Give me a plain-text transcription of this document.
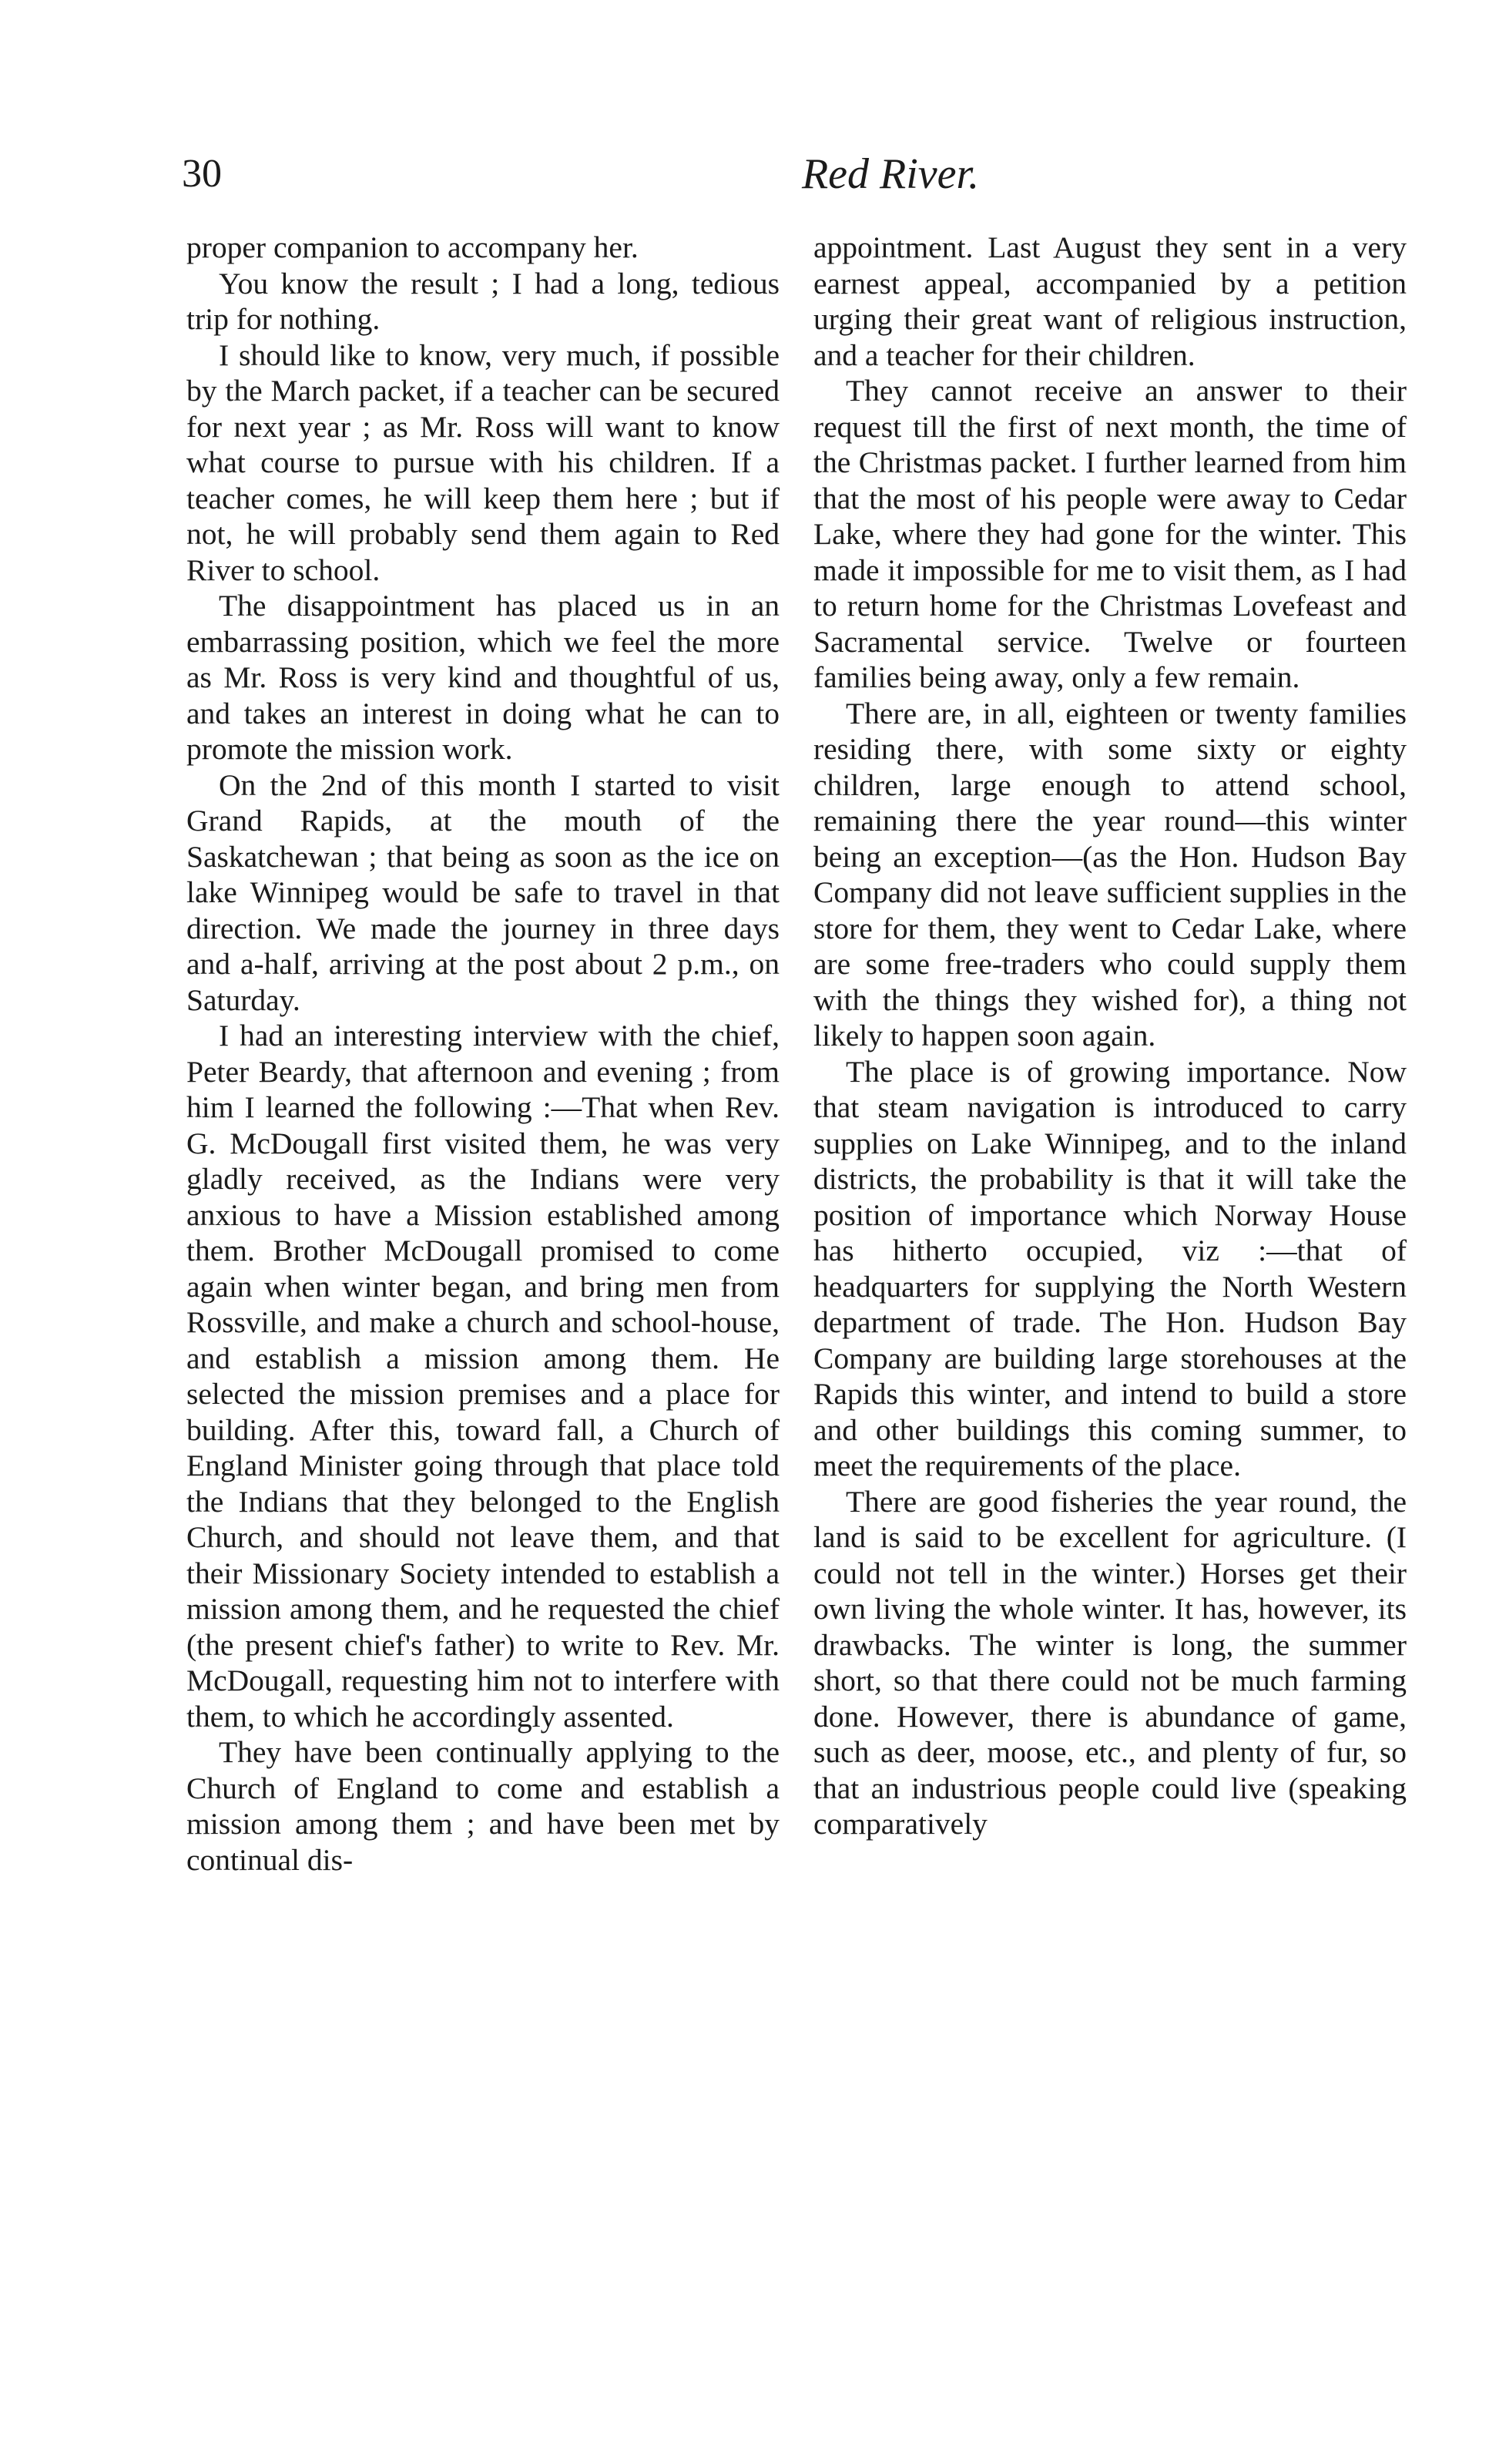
30	Red River.

proper companion to accompany her.

You know the result ; I had a long, tedious trip for nothing.

I should like to know, very much, if possible by the March packet, if a teacher can be secured for next year ; as Mr. Ross will want to know what course to pursue with his children. If a teacher comes, he will keep them here ; but if not, he will probably send them again to Red River to school.

The disappointment has placed us in an embarrassing position, which we feel the more as Mr. Ross is very kind and thoughtful of us, and takes an interest in doing what he can to promote the mission work.

On the 2nd of this month I started to visit Grand Rapids, at the mouth of the Saskatchewan ; that being as soon as the ice on lake Winnipeg would be safe to travel in that direction. We made the journey in three days and a-half, arriving at the post about 2 p.m., on Saturday.

I had an interesting interview with the chief, Peter Beardy, that afternoon and evening ; from him I learned the following :—That when Rev. G. McDougall first visited them, he was very gladly received, as the Indians were very anxious to have a Mission established among them. Brother McDougall promised to come again when winter began, and bring men from Rossville, and make a church and school-house, and establish a mission among them. He selected the mission premises and a place for building. After this, toward fall, a Church of England Minister going through that place told the Indians that they belonged to the English Church, and should not leave them, and that their Missionary Society intended to establish a mission among them, and he requested the chief (the present chief's father) to write to Rev. Mr. McDougall, requesting him not to interfere with them, to which he accordingly assented.

They have been continually applying to the Church of England to come and establish a mission among them ; and have been met by continual dis-

appointment. Last August they sent in a very earnest appeal, accompanied by a petition urging their great want of religious instruction, and a teacher for their children.

They cannot receive an answer to their request till the first of next month, the time of the Christmas packet. I further learned from him that the most of his people were away to Cedar Lake, where they had gone for the winter. This made it impossible for me to visit them, as I had to return home for the Christmas Lovefeast and Sacramental service. Twelve or fourteen families being away, only a few remain.

There are, in all, eighteen or twenty families residing there, with some sixty or eighty children, large enough to attend school, remaining there the year round—this winter being an exception—(as the Hon. Hudson Bay Company did not leave sufficient supplies in the store for them, they went to Cedar Lake, where are some free-traders who could supply them with the things they wished for), a thing not likely to happen soon again.

The place is of growing importance. Now that steam navigation is introduced to carry supplies on Lake Winnipeg, and to the inland districts, the probability is that it will take the position of importance which Norway House has hitherto occupied, viz :—that of headquarters for supplying the North Western department of trade. The Hon. Hudson Bay Company are building large storehouses at the Rapids this winter, and intend to build a store and other buildings this coming summer, to meet the requirements of the place.

There are good fisheries the year round, the land is said to be excellent for agriculture. (I could not tell in the winter.) Horses get their own living the whole winter. It has, however, its drawbacks. The winter is long, the summer short, so that there could not be much farming done. However, there is abundance of game, such as deer, moose, etc., and plenty of fur, so that an industrious people could live (speaking comparatively
